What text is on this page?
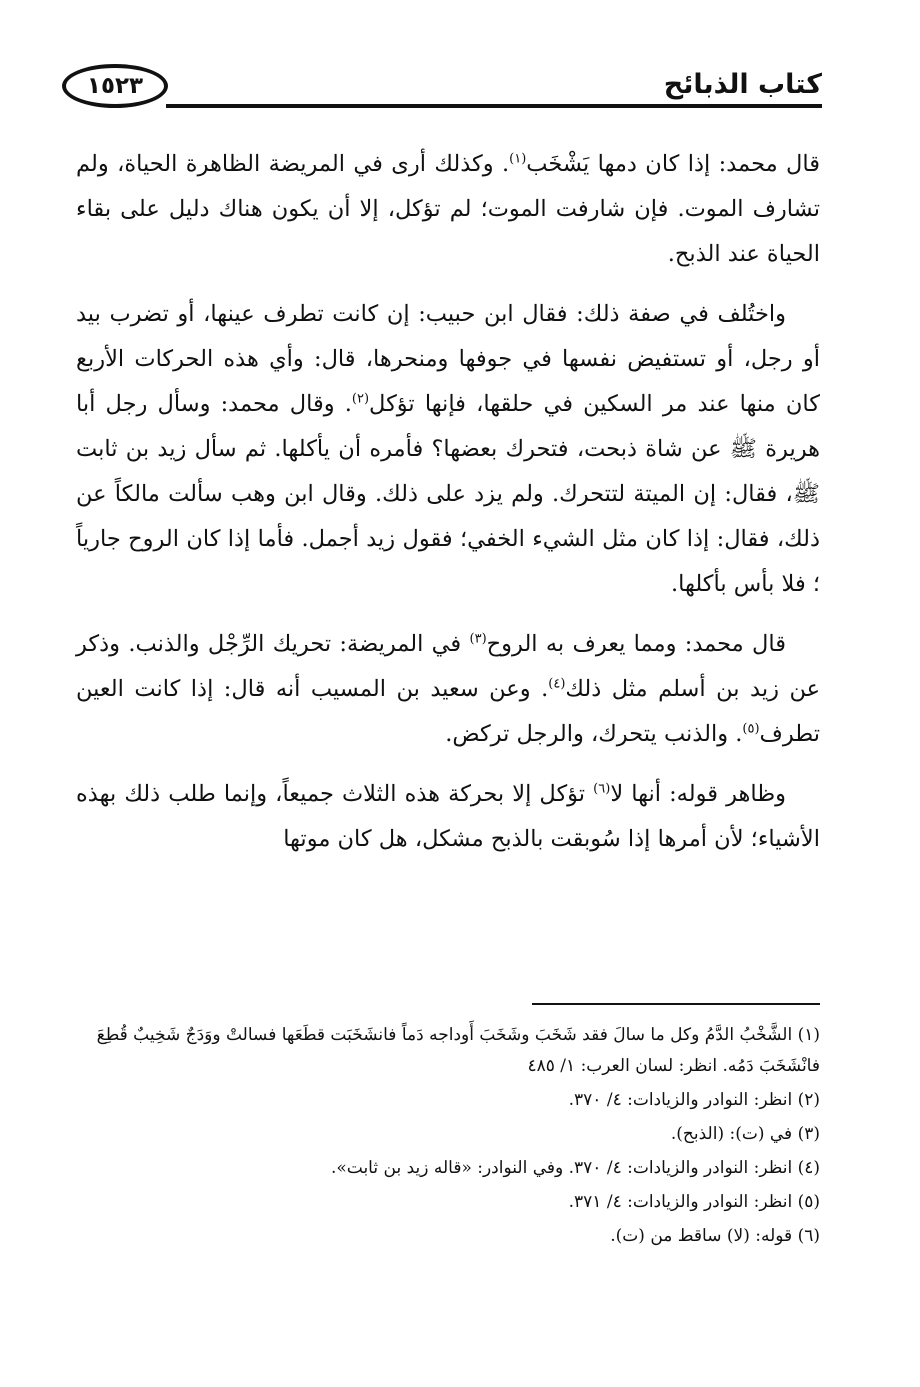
كتاب الذبائح
١٥٢٣

قال محمد: إذا كان دمها يَشْخَب$^{(١)}$. وكذلك أرى في المريضة الظاهرة الحياة، ولم تشارف الموت. فإن شارفت الموت؛ لم تؤكل، إلا أن يكون هناك دليل على بقاء الحياة عند الذبح.

واختُلف في صفة ذلك: فقال ابن حبيب: إن كانت تطرف عينها، أو تضرب بيد أو رجل، أو تستفيض نفسها في جوفها ومنحرها، قال: وأي هذه الحركات الأربع كان منها عند مر السكين في حلقها، فإنها تؤكل$^{(٢)}$. وقال محمد: وسأل رجل أبا هريرة ﷺ عن شاة ذبحت، فتحرك بعضها؟ فأمره أن يأكلها. ثم سأل زيد بن ثابت ﷺ، فقال: إن الميتة لتتحرك. ولم يزد على ذلك. وقال ابن وهب سألت مالكاً عن ذلك، فقال: إذا كان مثل الشيء الخفي؛ فقول زيد أجمل. فأما إذا كان الروح جارياً ؛ فلا بأس بأكلها.

قال محمد: ومما يعرف به الروح$^{(٣)}$ في المريضة: تحريك الرِّجْل والذنب. وذكر عن زيد بن أسلم مثل ذلك$^{(٤)}$. وعن سعيد بن المسيب أنه قال: إذا كانت العين تطرف$^{(٥)}$. والذنب يتحرك، والرجل تركض.

وظاهر قوله: أنها لا$^{(٦)}$ تؤكل إلا بحركة هذه الثلاث جميعاً، وإنما طلب ذلك بهذه الأشياء؛ لأن أمرها إذا سُوبقت بالذبح مشكل، هل كان موتها

(١) الشَّخْبُ الدَّمُ وكل ما سالَ فقد شَخَبَ وشَخَبَ أَوداجه دَماً فانشَخَبَت قطَعَها فسالتْ ووَدَجٌ شَخِيبٌ قُطِعَ فانْشَخَبَ دَمُه. انظر: لسان العرب: ١/ ٤٨٥

(٢) انظر: النوادر والزيادات: ٤/ ٣٧٠.

(٣) في (ت): (الذبح).

(٤) انظر: النوادر والزيادات: ٤/ ٣٧٠. وفي النوادر: «قاله زيد بن ثابت».

(٥) انظر: النوادر والزيادات: ٤/ ٣٧١.

(٦) قوله: (لا) ساقط من (ت).
